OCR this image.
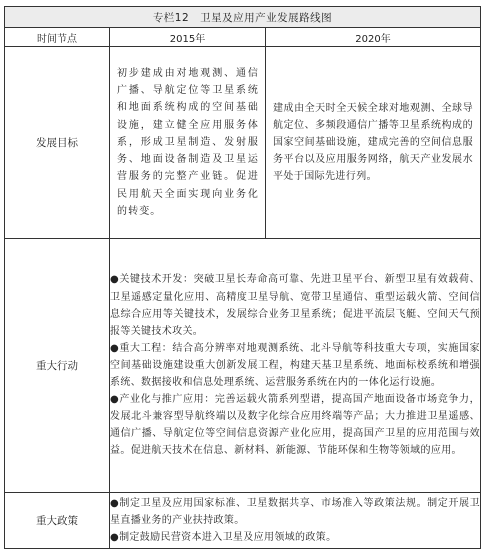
专栏12　卫星及应用产业发展路线图		
时间节点	2015年	2020年
发展目标	初步建成由对地观测、通信广播、导航定位等卫星系统和地面系统构成的空间基础设施，建立健全应用服务体系，形成卫星制造、发射服务、地面设备制造及卫星运营服务的完整产业链。促进民用航天全面实现向业务化的转变。	建成由全天时全天候全球对地观测、全球导航定位、多频段通信广播等卫星系统构成的国家空间基础设施，建成完善的空间信息服务平台以及应用服务网络，航天产业发展水平处于国际先进行列。

重大行动	●关键技术开发：突破卫星长寿命高可靠、先进卫星平台、新型卫星有效载荷、卫星遥感定量化应用、高精度卫星导航、宽带卫星通信、重型运载火箭、空间信息综合应用等关键技术，发展综合业务卫星系统；促进平流层飞艇、空间天气预报等关键技术攻关。

●重大工程：结合高分辨率对地观测系统、北斗导航等科技重大专项，实施国家空间基础设施建设重大创新发展工程，构建天基卫星系统、地面标校系统和增强系统、数据接收和信息处理系统、运营服务系统在内的一体化运行设施。

●产业化与推广应用：完善运载火箭系列型谱，提高国产地面设备市场竞争力，发展北斗兼容型导航终端以及数字化综合应用终端等产品；大力推进卫星遥感、通信广播、导航定位等空间信息资源产业化应用，提高国产卫星的应用范围与效益。促进航天技术在信息、新材料、新能源、节能环保和生物等领域的应用。	

重大政策	●制定卫星及应用国家标准、卫星数据共享、市场准入等政策法规。制定开展卫星直播业务的产业扶持政策。

●制定鼓励民营资本进入卫星及应用领域的政策。	
